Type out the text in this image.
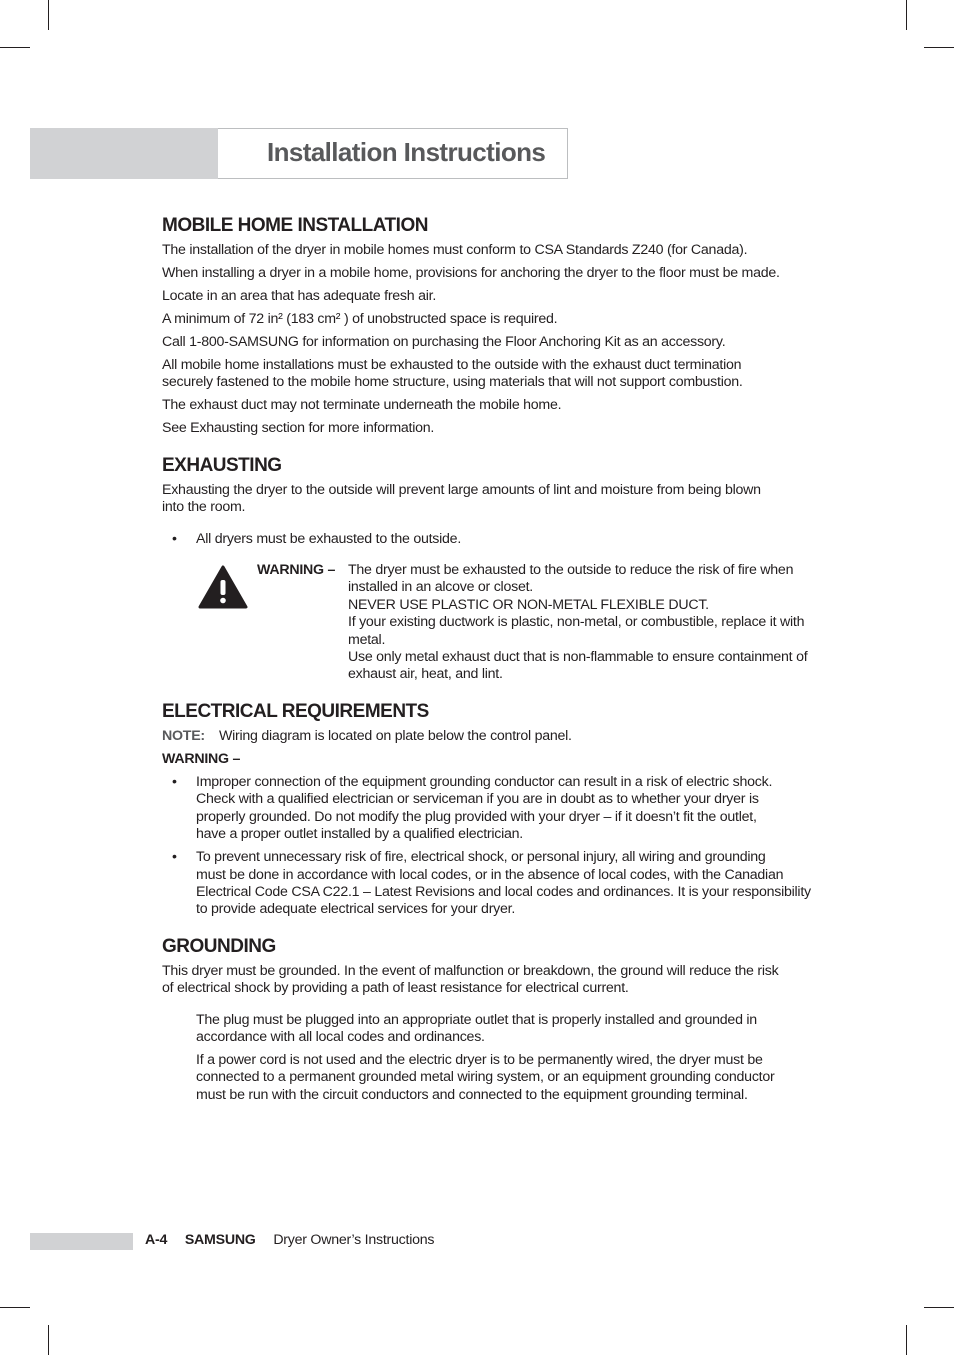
Installation Instructions
MOBILE HOME INSTALLATION

The installation of the dryer in mobile homes must conform to CSA Standards Z240 (for Canada).

When installing a dryer in a mobile home, provisions for anchoring the dryer to the floor must be made.

Locate in an area that has adequate fresh air.

A minimum of 72 in² (183 cm² ) of unobstructed space is required.

Call 1-800-SAMSUNG for information on purchasing the Floor Anchoring Kit as an accessory.

All mobile home installations must be exhausted to the outside with the exhaust duct termination
securely fastened to the mobile home structure, using materials that will not support combustion.

The exhaust duct may not terminate underneath the mobile home.

See Exhausting section for more information.

EXHAUSTING

Exhausting the dryer to the outside will prevent large amounts of lint and moisture from being blown
into the room.

• All dryers must be exhausted to the outside.
WARNING – The dryer must be exhausted to the outside to reduce the risk of fire when
installed in an alcove or closet.
NEVER USE PLASTIC OR NON-METAL FLEXIBLE DUCT.
If your existing ductwork is plastic, non-metal, or combustible, replace it with
metal.
Use only metal exhaust duct that is non-flammable to ensure containment of
exhaust air, heat, and lint.
ELECTRICAL REQUIREMENTS
NOTE: Wiring diagram is located on plate below the control panel.

WARNING –

• Improper connection of the equipment grounding conductor can result in a risk of electric shock.
Check with a qualified electrician or serviceman if you are in doubt as to whether your dryer is
properly grounded. Do not modify the plug provided with your dryer – if it doesn’t fit the outlet,
have a proper outlet installed by a qualified electrician.
• To prevent unnecessary risk of fire, electrical shock, or personal injury, all wiring and grounding
must be done in accordance with local codes, or in the absence of local codes, with the Canadian
Electrical Code CSA C22.1 – Latest Revisions and local codes and ordinances. It is your responsibility
to provide adequate electrical services for your dryer.
GROUNDING

This dryer must be grounded. In the event of malfunction or breakdown, the ground will reduce the risk
of electrical shock by providing a path of least resistance for electrical current.

The plug must be plugged into an appropriate outlet that is properly installed and grounded in
accordance with all local codes and ordinances.

If a power cord is not used and the electric dryer is to be permanently wired, the dryer must be
connected to a permanent grounded metal wiring system, or an equipment grounding conductor
must be run with the circuit conductors and connected to the equipment grounding terminal.

A-4 SAMSUNG Dryer Owner’s Instructions
